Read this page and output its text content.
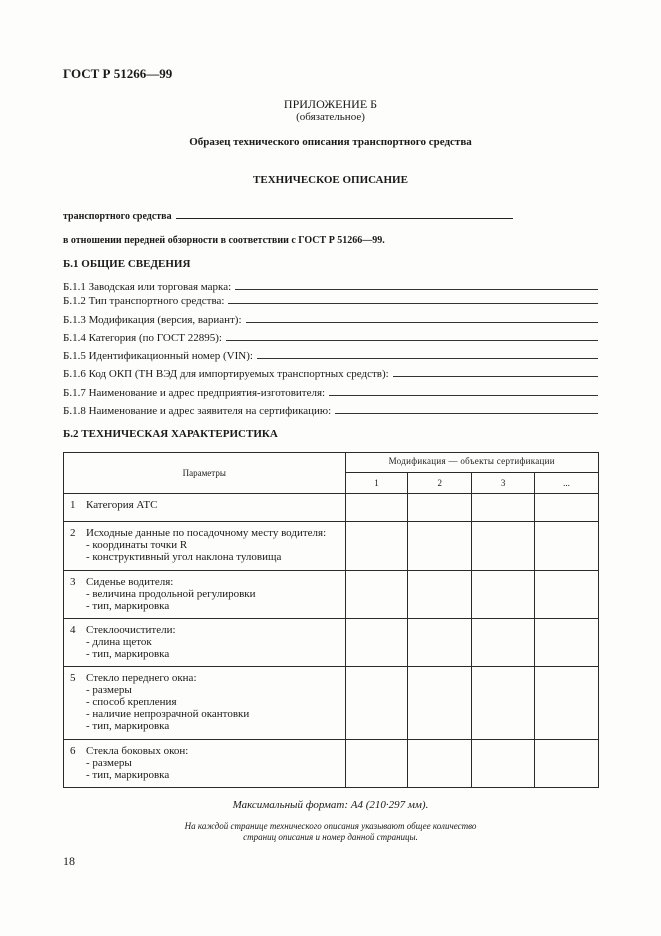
ГОСТ Р 51266—99
ПРИЛОЖЕНИЕ Б
(обязательное)
Образец технического описания транспортного средства
ТЕХНИЧЕСКОЕ ОПИСАНИЕ
транспортного средства
в отношении передней обзорности в соответствии с ГОСТ Р 51266—99.
Б.1 ОБЩИЕ СВЕДЕНИЯ
Б.1.1 Заводская или торговая марка:
Б.1.2 Тип транспортного средства:
Б.1.3 Модификация (версия, вариант):
Б.1.4 Категория (по ГОСТ 22895):
Б.1.5 Идентификационный номер (VIN):
Б.1.6 Код ОКП (ТН ВЭД для импортируемых транспортных средств):
Б.1.7 Наименование и адрес предприятия-изготовителя:
Б.1.8 Наименование и адрес заявителя на сертификацию:
Б.2 ТЕХНИЧЕСКАЯ ХАРАКТЕРИСТИКА
Параметры	Модификация — объекты сертификации			
	1	2	3	...
1 Категория АТС				
2 Исходные данные по посадочному месту водителя:
- координаты точки R
- конструктивный угол наклона туловища				

3 Сиденье водителя:
- величина продольной регулировки
- тип, маркировка				

4 Стеклоочистители:
- длина щеток
- тип, маркировка				

5 Стекло переднего окна:
- размеры
- способ крепления
- наличие непрозрачной окантовки
- тип, маркировка				

6 Стекла боковых окон:
- размеры
- тип, маркировка				

Максимальный формат: А4 (210·297 мм).
На каждой странице технического описания указывают общее количество
страниц описания и номер данной страницы.
18
